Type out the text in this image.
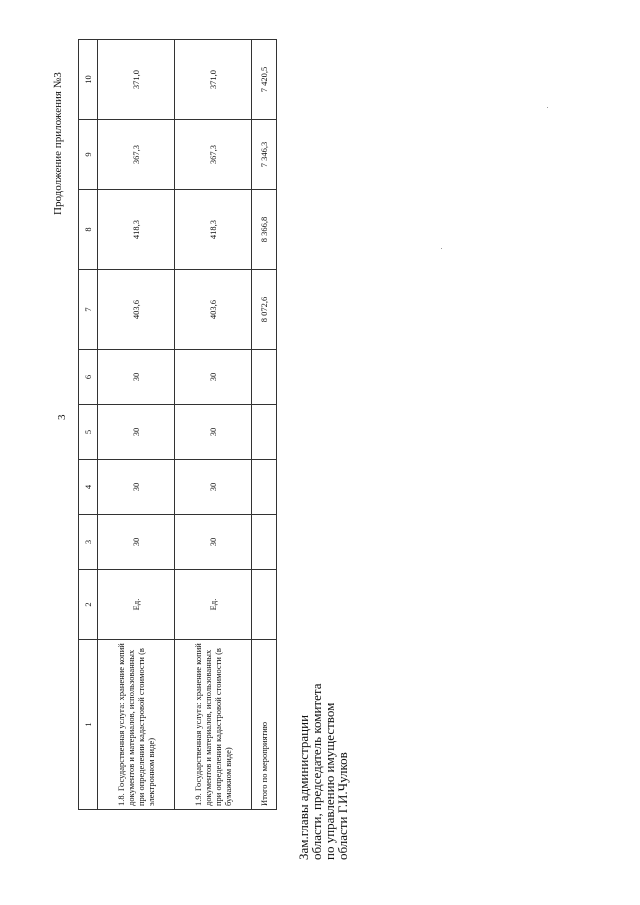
3
Продолжение приложения №3
1	2	3	4	5	6	7	8	9	10
1.8. Государственная услуга: хранение копий документов и материалов, использованных при определении кадастровой стоимости (в электронном виде)	Ед.	30	30	30	30	403,6	418,3	367,3	371,0
1.9. Государственная услуга: хранение копий документов и материалов, использованных при определении кадастровой стоимости (в бумажном виде)	Ед.	30	30	30	30	403,6	418,3	367,3	371,0
Итого по мероприятию						8 072,6	8 366,8	7 346,3	7 420,5
Зам.главы администрации
области, председатель комитета
по управлению имуществом
области Г.И.Чулков
